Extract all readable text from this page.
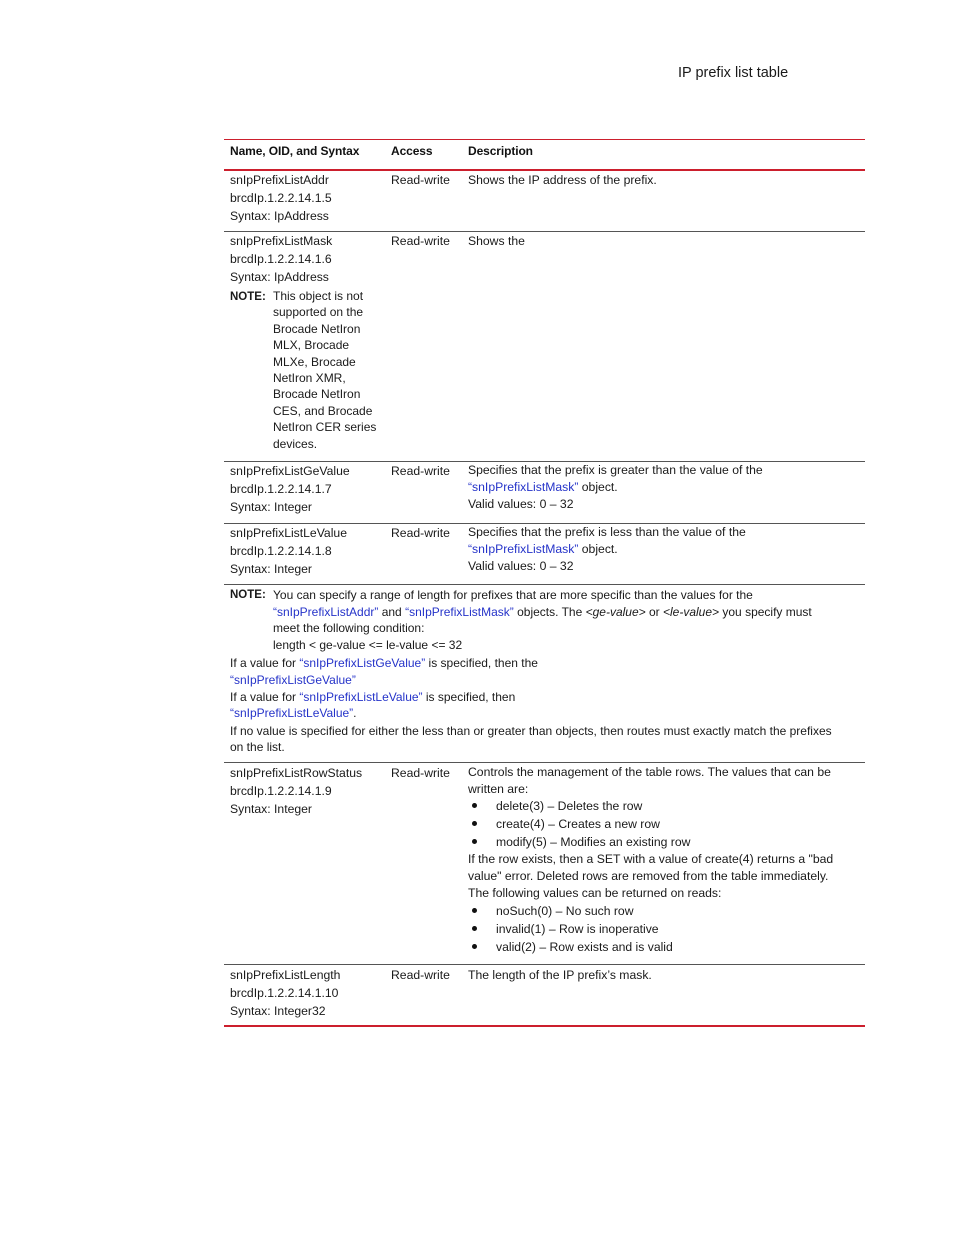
IP prefix list table
Name, OID, and Syntax	Access	Description
snIpPrefixListAddr
brcdIp.1.2.2.14.1.5
Syntax: IpAddress
Read-write	Shows the IP address of the prefix.
snIpPrefixListMask
brcdIp.1.2.2.14.1.6
Syntax: IpAddress
NOTE: This object is not
supported on the
Brocade NetIron
MLX, Brocade
MLXe, Brocade
NetIron XMR,
Brocade NetIron
CES, and Brocade
NetIron CER series
devices.
Read-write	Shows the
snIpPrefixListGeValue
brcdIp.1.2.2.14.1.7
Syntax: Integer
Read-write	Specifies that the prefix is greater than the value of the
“snIpPrefixListMask” object.
Valid values: 0 – 32
snIpPrefixListLeValue
brcdIp.1.2.2.14.1.8
Syntax: Integer
Read-write	Specifies that the prefix is less than the value of the
“snIpPrefixListMask” object.
Valid values: 0 – 32
NOTE: You can specify a range of length for prefixes that are more specific than the values for the
“snIpPrefixListAddr” and “snIpPrefixListMask” objects. The <ge-value> or <le-value> you specify must
meet the following condition:
length < ge-value <= le-value <= 32
If a value for “snIpPrefixListGeValue” is specified, then the
“snIpPrefixListGeValue”
If a value for “snIpPrefixListLeValue” is specified, then
“snIpPrefixListLeValue”.
If no value is specified for either the less than or greater than objects, then routes must exactly match the prefixes
on the list.
snIpPrefixListRowStatus
brcdIp.1.2.2.14.1.9
Syntax: Integer
Read-write	Controls the management of the table rows. The values that can be
written are:
delete(3) – Deletes the row
create(4) – Creates a new row
modify(5) – Modifies an existing row
If the row exists, then a SET with a value of create(4) returns a "bad
value" error. Deleted rows are removed from the table immediately.
The following values can be returned on reads:
noSuch(0) – No such row
invalid(1) – Row is inoperative
valid(2) – Row exists and is valid
snIpPrefixListLength
brcdIp.1.2.2.14.1.10
Syntax: Integer32
Read-write	The length of the IP prefix’s mask.
